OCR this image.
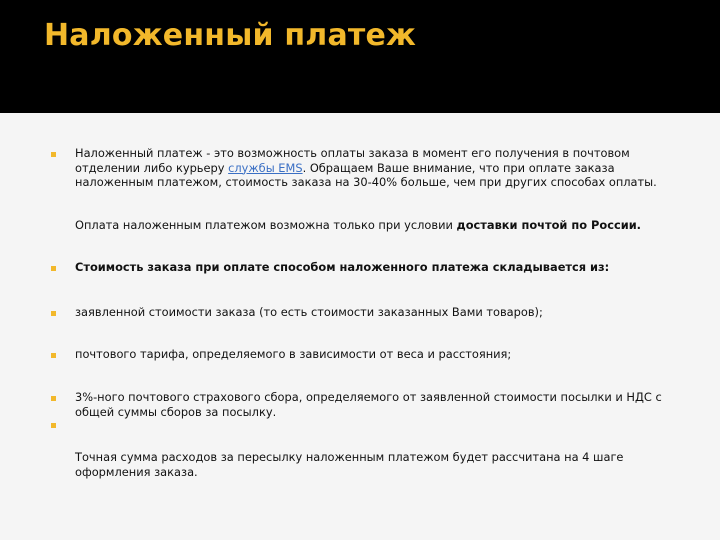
Наложенный платеж
Наложенный платеж - это возможность оплаты заказа в момент его получения в почтовом отделении либо курьеру службы EMS. Обращаем Ваше внимание, что при оплате заказа наложенным платежом, стоимость заказа на 30-40% больше, чем при других способах оплаты.
Оплата наложенным платежом возможна только при условии доставки почтой по России.
Стоимость заказа при оплате способом наложенного платежа складывается из:
заявленной стоимости заказа (то есть стоимости заказанных Вами товаров);
почтового тарифа, определяемого в зависимости от веса и расстояния;
3%-ного почтового страхового сбора, определяемого от заявленной стоимости посылки и НДС с общей суммы сборов за посылку.
Точная сумма расходов за пересылку наложенным платежом будет рассчитана на 4 шаге оформления заказа.
